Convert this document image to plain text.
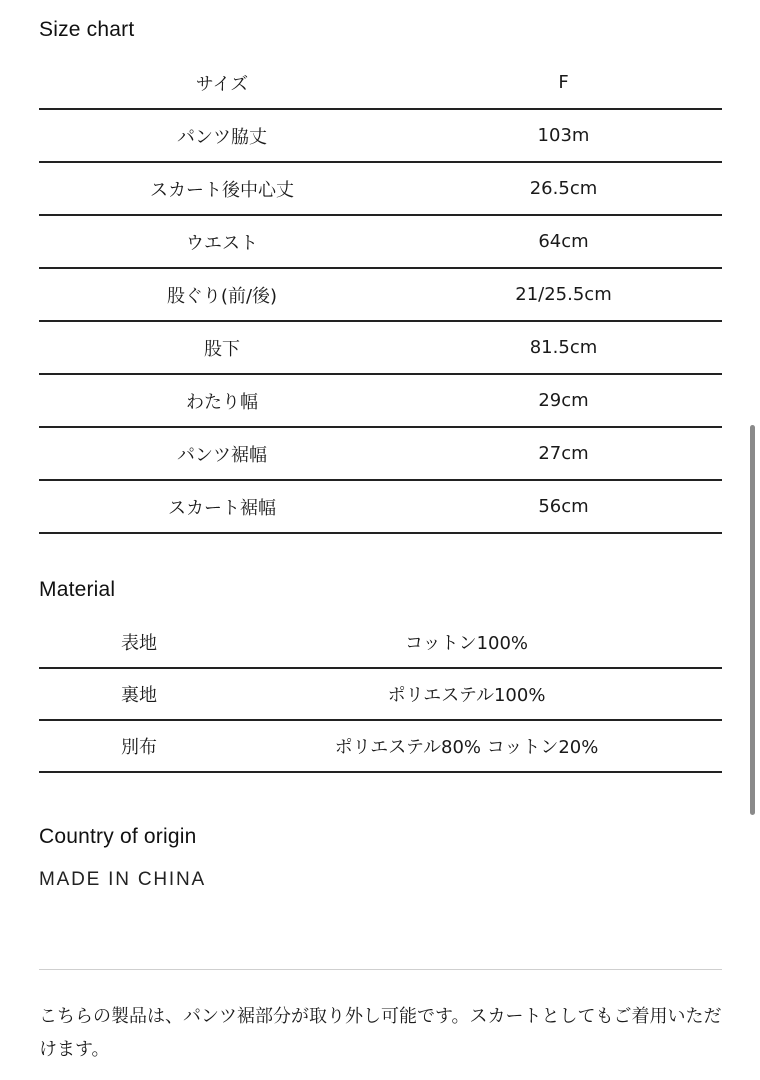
Size chart
サイズ	F
パンツ脇丈	103m
スカート後中心丈	26.5cm
ウエスト	64cm
股ぐり(前/後)	21/25.5cm
股下	81.5cm
わたり幅	29cm
パンツ裾幅	27cm
スカート裾幅	56cm
Material
表地	コットン100%
裏地	ポリエステル100%
別布	ポリエステル80% コットン20%
Country of origin
MADE IN CHINA

こちらの製品は、パンツ裾部分が取り外し可能です。スカートとしてもご着用いただけます。
